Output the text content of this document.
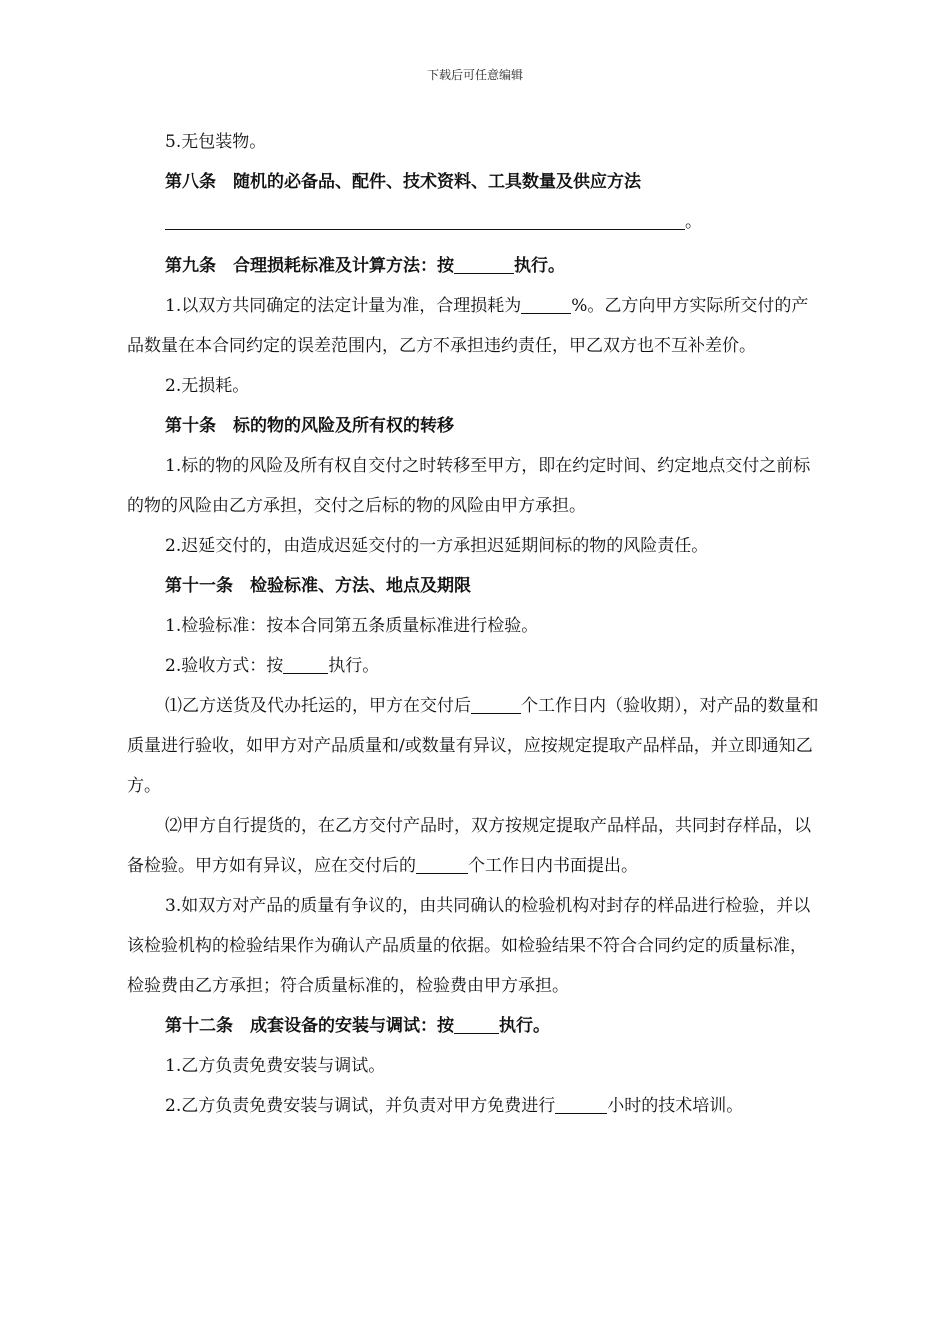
下载后可任意编辑

5.无包装物。

第八条　随机的必备品、配件、技术资料、工具数量及供应方法

。

第九条　合理损耗标准及计算方法：按	执行。

1.以双方共同确定的法定计量为准，合理损耗为	%。乙方向甲方实际所交付的产品数量在本合同约定的误差范围内，乙方不承担违约责任，甲乙双方也不互补差价。

2.无损耗。

第十条　标的物的风险及所有权的转移

1.标的物的风险及所有权自交付之时转移至甲方，即在约定时间、约定地点交付之前标的物的风险由乙方承担，交付之后标的物的风险由甲方承担。

2.迟延交付的，由造成迟延交付的一方承担迟延期间标的物的风险责任。

第十一条　检验标准、方法、地点及期限

1.检验标准：按本合同第五条质量标准进行检验。

2.验收方式：按	执行。

⑴乙方送货及代办托运的，甲方在交付后	个工作日内（验收期），对产品的数量和质量进行验收，如甲方对产品质量和/或数量有异议，应按规定提取产品样品，并立即通知乙方。

⑵甲方自行提货的，在乙方交付产品时，双方按规定提取产品样品，共同封存样品，以备检验。甲方如有异议，应在交付后的	个工作日内书面提出。

3.如双方对产品的质量有争议的，由共同确认的检验机构对封存的样品进行检验，并以该检验机构的检验结果作为确认产品质量的依据。如检验结果不符合合同约定的质量标准，检验费由乙方承担；符合质量标准的，检验费由甲方承担。

第十二条　成套设备的安装与调试：按	执行。

1.乙方负责免费安装与调试。

2.乙方负责免费安装与调试，并负责对甲方免费进行	小时的技术培训。
